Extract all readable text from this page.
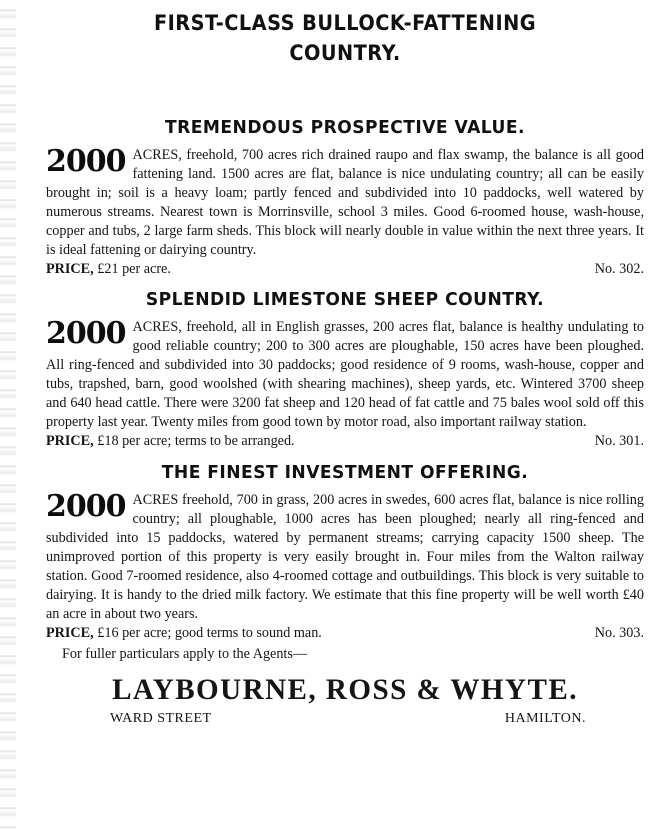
FIRST-CLASS BULLOCK-FATTENING
COUNTRY.
TREMENDOUS PROSPECTIVE VALUE.
2000 ACRES, freehold, 700 acres rich drained raupo and flax swamp, the balance is all good fattening land. 1500 acres are flat, balance is nice undulating country; all can be easily brought in; soil is a heavy loam; partly fenced and subdivided into 10 paddocks, well watered by numerous streams. Nearest town is Morrinsville, school 3 miles. Good 6-roomed house, wash-house, copper and tubs, 2 large farm sheds. This block will nearly double in value within the next three years. It is ideal fattening or dairying country.
PRICE, £21 per acre.	No. 302.
SPLENDID LIMESTONE SHEEP COUNTRY.
2000 ACRES, freehold, all in English grasses, 200 acres flat, balance is healthy undulating to good reliable country; 200 to 300 acres are ploughable, 150 acres have been ploughed. All ring-fenced and subdivided into 30 paddocks; good residence of 9 rooms, wash-house, copper and tubs, trapshed, barn, good woolshed (with shearing machines), sheep yards, etc. Wintered 3700 sheep and 640 head cattle. There were 3200 fat sheep and 120 head of fat cattle and 75 bales wool sold off this property last year. Twenty miles from good town by motor road, also important railway station.
PRICE, £18 per acre; terms to be arranged.	No. 301.
THE FINEST INVESTMENT OFFERING.
2000 ACRES freehold, 700 in grass, 200 acres in swedes, 600 acres flat, balance is nice rolling country; all ploughable, 1000 acres has been ploughed; nearly all ring-fenced and subdivided into 15 paddocks, watered by permanent streams; carrying capacity 1500 sheep. The unimproved portion of this property is very easily brought in. Four miles from the Walton railway station. Good 7-roomed residence, also 4-roomed cottage and outbuildings. This block is very suitable to dairying. It is handy to the dried milk factory. We estimate that this fine property will be well worth £40 an acre in about two years.
PRICE, £16 per acre; good terms to sound man.	No. 303.
For fuller particulars apply to the Agents—
LAYBOURNE, ROSS & WHYTE.
WARD STREET	HAMILTON.
